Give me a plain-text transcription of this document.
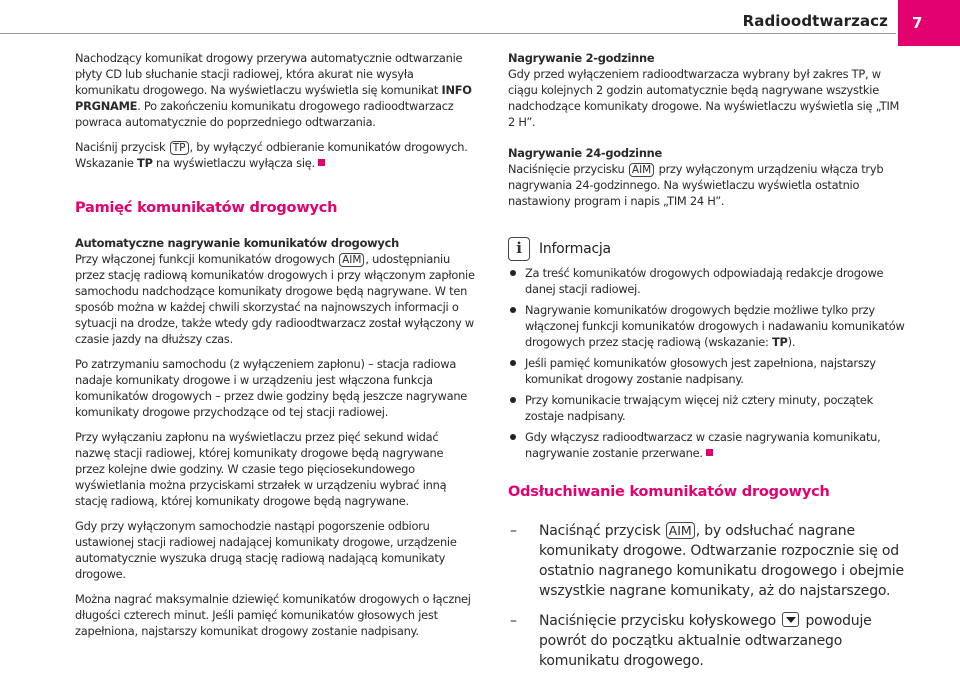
Radioodtwarzacz	7

Nachodzący komunikat drogowy przerywa automatycznie odtwarzanie płyty CD lub słuchanie stacji radiowej, która akurat nie wysyła komunikatu drogowego. Na wyświetlaczu wyświetla się komunikat INFO PRGNAME. Po zakończeniu komunikatu drogowego radioodtwarzacz powraca automatycznie do poprzedniego odtwarzania.

Naciśnij przycisk TP , by wyłączyć odbieranie komunikatów drogowych. Wskazanie TP na wyświetlaczu wyłącza się.

Pamięć komunikatów drogowych

Automatyczne nagrywanie komunikatów drogowych

Przy włączonej funkcji komunikatów drogowych AIM , udostępnianiu przez stację radiową komunikatów drogowych i przy włączonym zapłonie samochodu nadchodzące komunikaty drogowe będą nagrywane. W ten sposób można w każdej chwili skorzystać na najnowszych informacji o sytuacji na drodze, także wtedy gdy radioodtwarzacz został wyłączony w czasie jazdy na dłuższy czas.

Po zatrzymaniu samochodu (z wyłączeniem zapłonu) – stacja radiowa nadaje komunikaty drogowe i w urządzeniu jest włączona funkcja komunikatów drogowych – przez dwie godziny będą jeszcze nagrywane komunikaty drogowe przychodzące od tej stacji radiowej.

Przy wyłączaniu zapłonu na wyświetlaczu przez pięć sekund widać nazwę stacji radiowej, której komunikaty drogowe będą nagrywane przez kolejne dwie godziny. W czasie tego pięciosekundowego wyświetlania można przyciskami strzałek w urządzeniu wybrać inną stację radiową, której komunikaty drogowe będą nagrywane.

Gdy przy wyłączonym samochodzie nastąpi pogorszenie odbioru ustawionej stacji radiowej nadającej komunikaty drogowe, urządzenie automatycznie wyszuka drugą stację radiową nadającą komunikaty drogowe.

Można nagrać maksymalnie dziewięć komunikatów drogowych o łącznej długości czterech minut. Jeśli pamięć komunikatów głosowych jest zapełniona, najstarszy komunikat drogowy zostanie nadpisany.

Nagrywanie 2-godzinne

Gdy przed wyłączeniem radioodtwarzacza wybrany był zakres TP, w ciągu kolejnych 2 godzin automatycznie będą nagrywane wszystkie nadchodzące komunikaty drogowe. Na wyświetlaczu wyświetla się „TIM 2 H”.

Nagrywanie 24-godzinne

Naciśnięcie przycisku AIM przy wyłączonym urządzeniu włącza tryb nagrywania 24-godzinnego. Na wyświetlaczu wyświetla ostatnio nastawiony program i napis „TIM 24 H”.

i	Informacja
Za treść komunikatów drogowych odpowiadają redakcje drogowe danej stacji radiowej.
Nagrywanie komunikatów drogowych będzie możliwe tylko przy włączonej funkcji komunikatów drogowych i nadawaniu komunikatów drogowych przez stację radiową (wskazanie: TP).
Jeśli pamięć komunikatów głosowych jest zapełniona, najstarszy komunikat drogowy zostanie nadpisany.
Przy komunikacie trwającym więcej niż cztery minuty, początek zostaje nadpisany.
Gdy włączysz radioodtwarzacz w czasie nagrywania komunikatu, nagrywanie zostanie przerwane.
Odsłuchiwanie komunikatów drogowych
– Naciśnąć przycisk AIM , by odsłuchać nagrane komunikaty drogowe. Odtwarzanie rozpocznie się od ostatnio nagranego komunikatu drogowego i obejmie wszystkie nagrane komunikaty, aż do najstarszego.
– Naciśnięcie przycisku kołyskowego  powoduje powrót do początku aktualnie odtwarzanego komunikatu drogowego.
